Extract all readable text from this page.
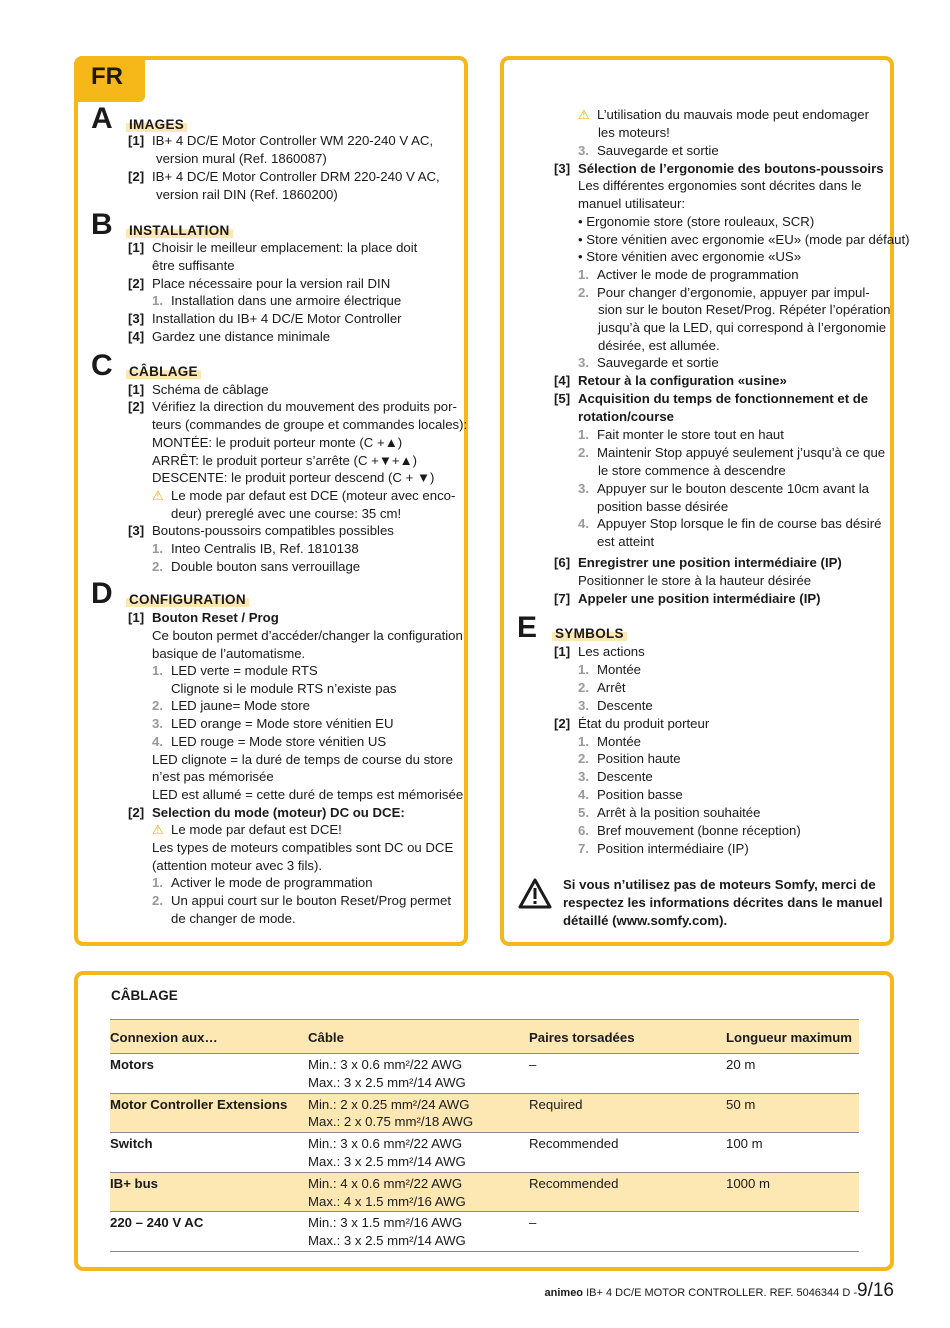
FR
A IMAGES
B INSTALLATION
C CÂBLAGE
D CONFIGURATION
E SYMBOLS
[1] IB+ 4 DC/E Motor Controller WM 220-240 V AC,
version mural (Ref. 1860087)
[2] IB+ 4 DC/E Motor Controller DRM 220-240 V AC,
version rail DIN (Ref. 1860200)
[1] Choisir le meilleur emplacement: la place doit
être suffisante
[2] Place nécessaire pour la version rail DIN
1. Installation dans une armoire électrique
[3] Installation du IB+ 4 DC/E Motor Controller
[4] Gardez une distance minimale
[1] Schéma de câblage
[2] Vérifiez la direction du mouvement des produits por-
teurs (commandes de groupe et commandes locales):
MONTÉE: le produit porteur monte (C +▲)
ARRÊT: le produit porteur s’arrête (C +▼+▲)
DESCENTE: le produit porteur descend (C + ▼)
⚠ Le mode par defaut est DCE (moteur avec enco-
deur) prereglé avec une course: 35 cm!
[3] Boutons-poussoirs compatibles possibles
1. Inteo Centralis IB, Ref. 1810138
2. Double bouton sans verrouillage
[1] Bouton Reset / Prog
Ce bouton permet d’accéder/changer la configuration
basique de l’automatisme.
1. LED verte = module RTS
Clignote si le module RTS n’existe pas
2. LED jaune= Mode store
3. LED orange = Mode store vénitien EU
4. LED rouge = Mode store vénitien US
LED clignote = la duré de temps de course du store
n’est pas mémorisée
LED est allumé = cette duré de temps est mémorisée
[2] Selection du mode (moteur) DC ou DCE:
⚠ Le mode par defaut est DCE!
Les types de moteurs compatibles sont DC ou DCE
(attention moteur avec 3 fils).
1. Activer le mode de programmation
2. Un appui court sur le bouton Reset/Prog permet
de changer de mode.
⚠ L’utilisation du mauvais mode peut endomager
les moteurs!
3. Sauvegarde et sortie
[3] Sélection de l’ergonomie des boutons-poussoirs
Les différentes ergonomies sont décrites dans le
manuel utilisateur:
• Ergonomie store (store rouleaux, SCR)
• Store vénitien avec ergonomie «EU» (mode par défaut)
• Store vénitien avec ergonomie «US»
1. Activer le mode de programmation
2. Pour changer d’ergonomie, appuyer par impul-
sion sur le bouton Reset/Prog. Répéter l’opération
jusqu’à que la LED, qui correspond à l’ergonomie
désirée, est allumée.
3. Sauvegarde et sortie
[4] Retour à la configuration «usine»
[5] Acquisition du temps de fonctionnement et de
rotation/course
1. Fait monter le store tout en haut
2. Maintenir Stop appuyé seulement j’usqu’à ce que
le store commence à descendre
3. Appuyer sur le bouton descente 10cm avant la
position basse désirée
4. Appuyer Stop lorsque le fin de course bas désiré
est atteint
[6] Enregistrer une position intermédiaire (IP)
Positionner le store à la hauteur désirée
[7] Appeler une position intermédiaire (IP)
[1] Les actions
1. Montée
2. Arrêt
3. Descente
[2] État du produit porteur
1. Montée
2. Position haute
3. Descente
4. Position basse
5. Arrêt à la position souhaitée
6. Bref mouvement (bonne réception)
7. Position intermédiaire (IP)
Si vous n’utilisez pas de moteurs Somfy, merci de
respectez les informations décrites dans le manuel
détaillé (www.somfy.com).
CÂBLAGE
Connexion aux…	Câble	Paires torsadées	Longueur maximum
Motors	Min.: 3 x 0.6 mm²/22 AWG
Max.: 3 x 2.5 mm²/14 AWG	–	20 m
Motor Controller Extensions	Min.: 2 x 0.25 mm²/24 AWG
Max.: 2 x 0.75 mm²/18 AWG	Required	50 m
Switch	Min.: 3 x 0.6 mm²/22 AWG
Max.: 3 x 2.5 mm²/14 AWG	Recommended	100 m
IB+ bus	Min.: 4 x 0.6 mm²/22 AWG
Max.: 4 x 1.5 mm²/16 AWG	Recommended	1000 m
220 – 240 V AC	Min.: 3 x 1.5 mm²/16 AWG
Max.: 3 x 2.5 mm²/14 AWG	–	
animeo IB+ 4 DC/E MOTOR CONTROLLER. REF. 5046344 D -9/16
